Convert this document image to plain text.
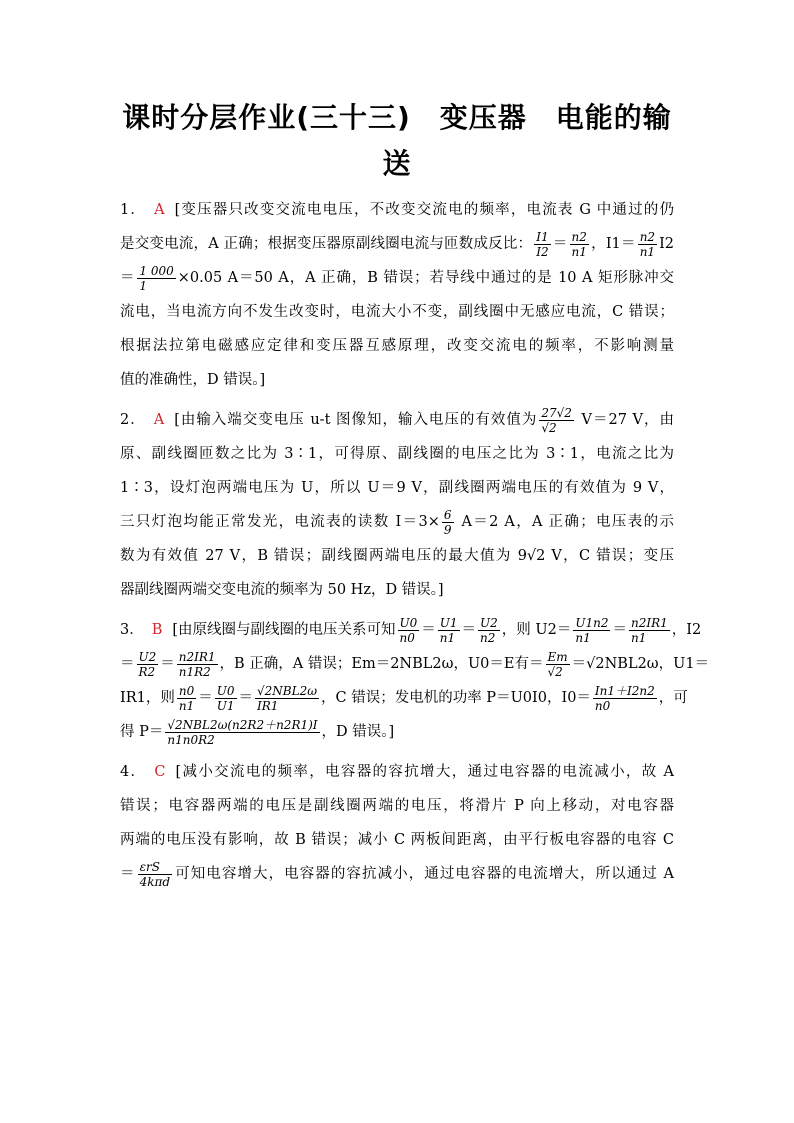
课时分层作业(三十三)　变压器　电能的输
送
1． A [变压器只改变交流电电压，不改变交流电的频率，电流表 G 中通过的仍
是交变电流，A 正确；根据变压器原副线圈电流与匝数成反比： $\frac{I1}{I2} = \frac{n2}{n1}$ ，$I1= \frac{n2}{n1} I2$
＝ $\frac{1 000}{1} \times 0.05$ A＝50 A，A 正确，B 错误；若导线中通过的是 10 A 矩形脉冲交
流电，当电流方向不发生改变时，电流大小不变，副线圈中无感应电流，C 错误；
根据法拉第电磁感应定律和变压器互感原理，改变交流电的频率，不影响测量
值的准确性，D 错误。]
2． A [由输入端交变电压 u-t 图像知，输入电压的有效值为 $\frac{27√2}{√2} V=27$ V，由
原、副线圈匝数之比为 3∶1，可得原、副线圈的电压之比为 3∶1，电流之比为
1∶3，设灯泡两端电压为 U，所以 U＝9 V，副线圈两端电压的有效值为 9 V，
三只灯泡均能正常发光，电流表的读数 $I=3\times \frac{6}{9} A=2$ A，A 正确；电压表的示
数为有效值 27 V，B 错误；副线圈两端电压的最大值为 9√2 V，C 错误；变压
器副线圈两端交变电流的频率为 50 Hz，D 错误。]
3． B [由原线圈与副线圈的电压关系可知 $\frac{U0}{n0} = \frac{U1}{n1} = \frac{U2}{n2}$ ，则 $U2= \frac{U1n2}{n1} = \frac{n2IR1}{n1}$ ，I2
＝ $\frac{U2}{R2} = \frac{n2IR1}{n1R2}$ ，B 正确，A 错误；Em＝2NBL2ω，U0＝E有＝ $\frac{Em}{√2} =√2NBL2\omega$，U1＝
IR1，则 $\frac{n0}{n1} = \frac{U0}{U1} = \frac{\text{√2NBL2ω}}{IR1}$ ，C 错误；发电机的功率 P＝U0I0，$I0= \frac{In1+I2n2}{n0}$ ，可
得 $P= \frac{\text{√2NBL2ω(n2R2＋n2R1)I}}{n1n0R2}$ ，D 错误。]
4． C [减小交流电的频率，电容器的容抗增大，通过电容器的电流减小，故 A
错误；电容器两端的电压是副线圈两端的电压，将滑片 P 向上移动，对电容器
两端的电压没有影响，故 B 错误；减小 C 两板间距离，由平行板电容器的电容 C
＝ $\frac{\text{εrS}}{\text{4kπd}}$ 可知电容增大，电容器的容抗减小，通过电容器的电流增大，所以通过 A
